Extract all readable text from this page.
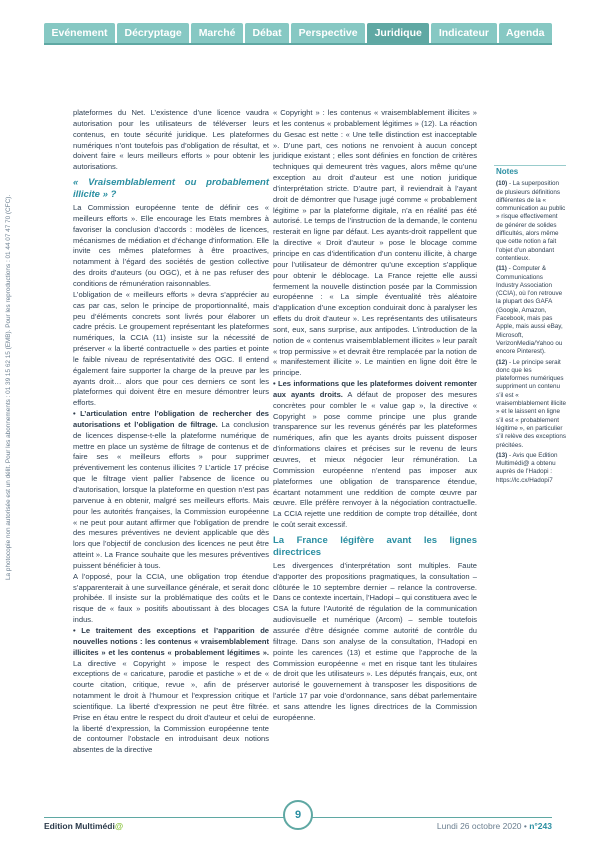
Evénement	Décryptage	Marché	Débat	Perspective	Juridique	Indicateur	Agenda
La photocopie non autorisée est un délit. Pour les abonnements : 01 39 15 62 15 (EMB). Pour les reproductions : 01 44 07 47 70 (CFC).

plateformes du Net. L’existence d’une licence vaudra autorisation pour les utilisateurs de téléverser leurs contenus, en toute sécurité juridique. Les plateformes numériques n’ont toutefois pas d’obligation de résultat, et doivent faire « leurs meilleurs efforts » pour obtenir les autorisations.

« Vraisemblablement ou probablement illicite » ?

La Commission européenne tente de définir ces « meilleurs efforts ». Elle encourage les Etats membres à favoriser la conclusion d’accords : modèles de licences, mécanismes de médiation et d’échange d’information. Elle invite ces mêmes plateformes à être proactives, notamment à l’égard des sociétés de gestion collective des droits d’auteurs (ou OGC), et à ne pas refuser des conditions de rémunération raisonnables.

L’obligation de « meilleurs efforts » devra s’apprécier au cas par cas, selon le principe de proportionnalité, mais peu d’éléments concrets sont livrés pour élaborer un cadre précis. Le groupement représentant les plateformes numériques, la CCIA (11) insiste sur la nécessité de préserver « la liberté contractuelle » des parties et pointe le faible niveau de représentativité des OGC. Il entend également faire supporter la charge de la preuve par les ayants droit… alors que pour ces derniers ce sont les plateformes qui doivent être en mesure démontrer leurs efforts.

• L’articulation entre l’obligation de rechercher des autorisations et l’obligation de filtrage. La conclusion de licences dispense-t-elle la plateforme numérique de mettre en place un système de filtrage de contenus et de faire ses « meilleurs efforts » pour supprimer préventivement les contenus illicites ? L’article 17 précise que le filtrage vient pallier l’absence de licence ou d’autorisation, lorsque la plateforme en question n’est pas parvenue à en obtenir, malgré ses meilleurs efforts. Mais pour les autorités françaises, la Commission européenne « ne peut pour autant affirmer que l’obligation de prendre des mesures préventives ne devient applicable que dès lors que l’objectif de conclusion des licences ne peut être atteint ». La France souhaite que les mesures préventives puissent bénéficier à tous.

A l’opposé, pour la CCIA, une obligation trop étendue s’apparenterait à une surveillance générale, et serait donc prohibée. Il insiste sur la problématique des coûts et le risque de « faux » positifs aboutissant à des blocages indus.

• Le traitement des exceptions et l’apparition de nouvelles notions : les contenus « vraisemblablement illicites » et les contenus « probablement légitimes ». La directive « Copyright » impose le respect des exceptions de « caricature, parodie et pastiche » et de « courte citation, critique, revue », afin de préserver notamment le droit à l’humour et l’expression critique et scientifique. La liberté d’expression ne peut être filtrée. Prise en étau entre le respect du droit d’auteur et celui de la liberté d’expression, la Commission européenne tente de contourner l’obstacle en introduisant deux notions absentes de la directive

« Copyright » : les contenus « vraisemblablement illicites » et les contenus « probablement légitimes » (12). La réaction du Gesac est nette : « Une telle distinction est inacceptable ». D’une part, ces notions ne renvoient à aucun concept juridique existant ; elles sont définies en fonction de critères techniques qui demeurent très vagues, alors même qu’une exception au droit d’auteur est une notion juridique d’interprétation stricte. D’autre part, il reviendrait à l’ayant droit de démontrer que l’usage jugé comme « probablement légitime » par la plateforme digitale, n’a en réalité pas été autorisé. Le temps de l’instruction de la demande, le contenu resterait en ligne par défaut. Les ayants-droit rappellent que la directive « Droit d’auteur » pose le blocage comme principe en cas d’identification d’un contenu illicite, à charge pour l’utilisateur de démontrer qu’une exception s’applique pour obtenir le déblocage. La France rejette elle aussi fermement la nouvelle distinction posée par la Commission européenne : « La simple éventualité très aléatoire d’application d’une exception conduirait donc à paralyser les effets du droit d’auteur ». Les représentants des utilisateurs sont, eux, sans surprise, aux antipodes. L’introduction de la notion de « contenus vraisemblablement illicites » leur paraît « trop permissive » et devrait être remplacée par la notion de « manifestement illicite ». Le maintien en ligne doit être le principe.

• Les informations que les plateformes doivent remonter aux ayants droits. A défaut de proposer des mesures concrètes pour combler le « value gap », la directive « Copyright » pose comme principe une plus grande transparence sur les revenus générés par les plateformes numériques, afin que les ayants droits puissent disposer d’informations claires et précises sur le revenu de leurs œuvres, et mieux négocier leur rémunération. La Commission européenne n’entend pas imposer aux plateformes une obligation de transparence étendue, écartant notamment une reddition de compte œuvre par œuvre. Elle préfère renvoyer à la négociation contractuelle. La CCIA rejette une reddition de compte trop détaillée, dont le coût serait excessif.

La France légifère avant les lignes directrices

Les divergences d’interprétation sont multiples. Faute d’apporter des propositions pragmatiques, la consultation – clôturée le 10 septembre dernier – relance la controverse. Dans ce contexte incertain, l’Hadopi – qui constituera avec le CSA la future l’Autorité de régulation de la communication audiovisuelle et numérique (Arcom) – semble toutefois assurée d’être désignée comme autorité de contrôle du filtrage. Dans son analyse de la consultation, l’Hadopi en pointe les carences (13) et estime que l’approche de la Commission européenne « met en risque tant les titulaires de droit que les utilisateurs ». Les députés français, eux, ont autorisé le gouvernement à transposer les dispositions de l’article 17 par voie d’ordonnance, sans débat parlementaire et sans attendre les lignes directrices de la Commission européenne.

Notes

(10) - La superposition de plusieurs définitions différentes de la « communication au public » risque effectivement de générer de solides difficultés, alors même que cette notion a fait l’objet d’un abondant contentieux.

(11) - Computer & Communications Industry Association (CCIA), où l’on retrouve la plupart des GAFA (Google, Amazon, Facebook, mais pas Apple, mais aussi eBay, Microsoft, VerizonMedia/Yahoo ou encore Pinterest).

(12) - Le principe serait donc que les plateformes numériques suppriment un contenu s’il est « vraisemblablement illicite » et le laissent en ligne s’il est « probablement légitime », en particulier s’il relève des exceptions précitées.

(13) - Avis que Edition Multimédi@ a obtenu auprès de l’Hadopi : https://lc.cx/Hadopi7

9
Edition Multimédi@	Lundi 26 octobre 2020 • n°243
